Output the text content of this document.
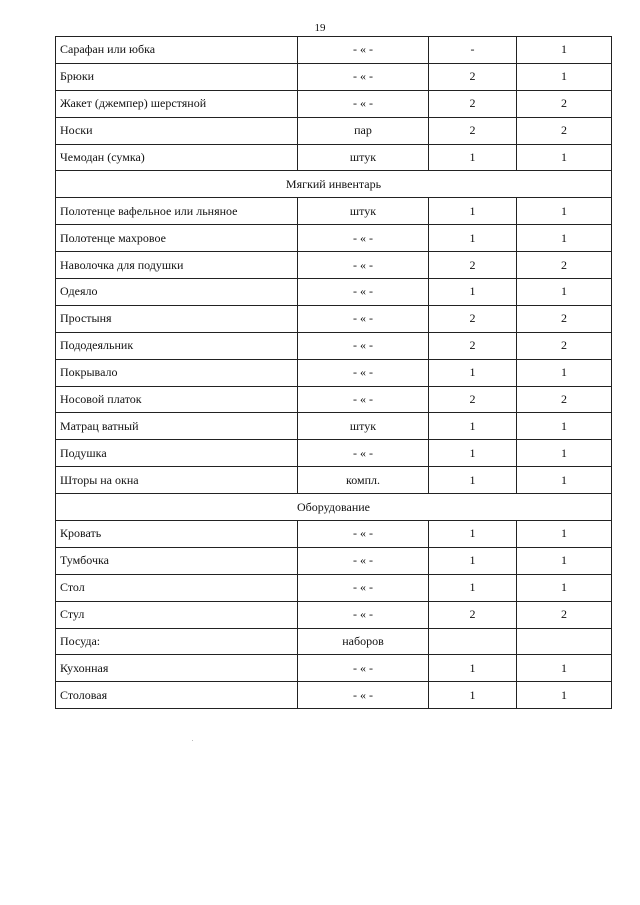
19
Сарафан или юбка	- « -	-	1
Брюки	- « -	2	1
Жакет (джемпер) шерстяной	- « -	2	2
Носки	пар	2	2
Чемодан (сумка)	штук	1	1
Мягкий инвентарь			
Полотенце вафельное или льняное	штук	1	1
Полотенце махровое	- « -	1	1
Наволочка для подушки	- « -	2	2
Одеяло	- « -	1	1
Простыня	- « -	2	2
Пододеяльник	- « -	2	2
Покрывало	- « -	1	1
Носовой платок	- « -	2	2
Матрац ватный	штук	1	1
Подушка	- « -	1	1
Шторы на окна	компл.	1	1
Оборудование			
Кровать	- « -	1	1
Тумбочка	- « -	1	1
Стол	- « -	1	1
Стул	- « -	2	2
Посуда:	наборов		
Кухонная	- « -	1	1
Столовая	- « -	1	1
